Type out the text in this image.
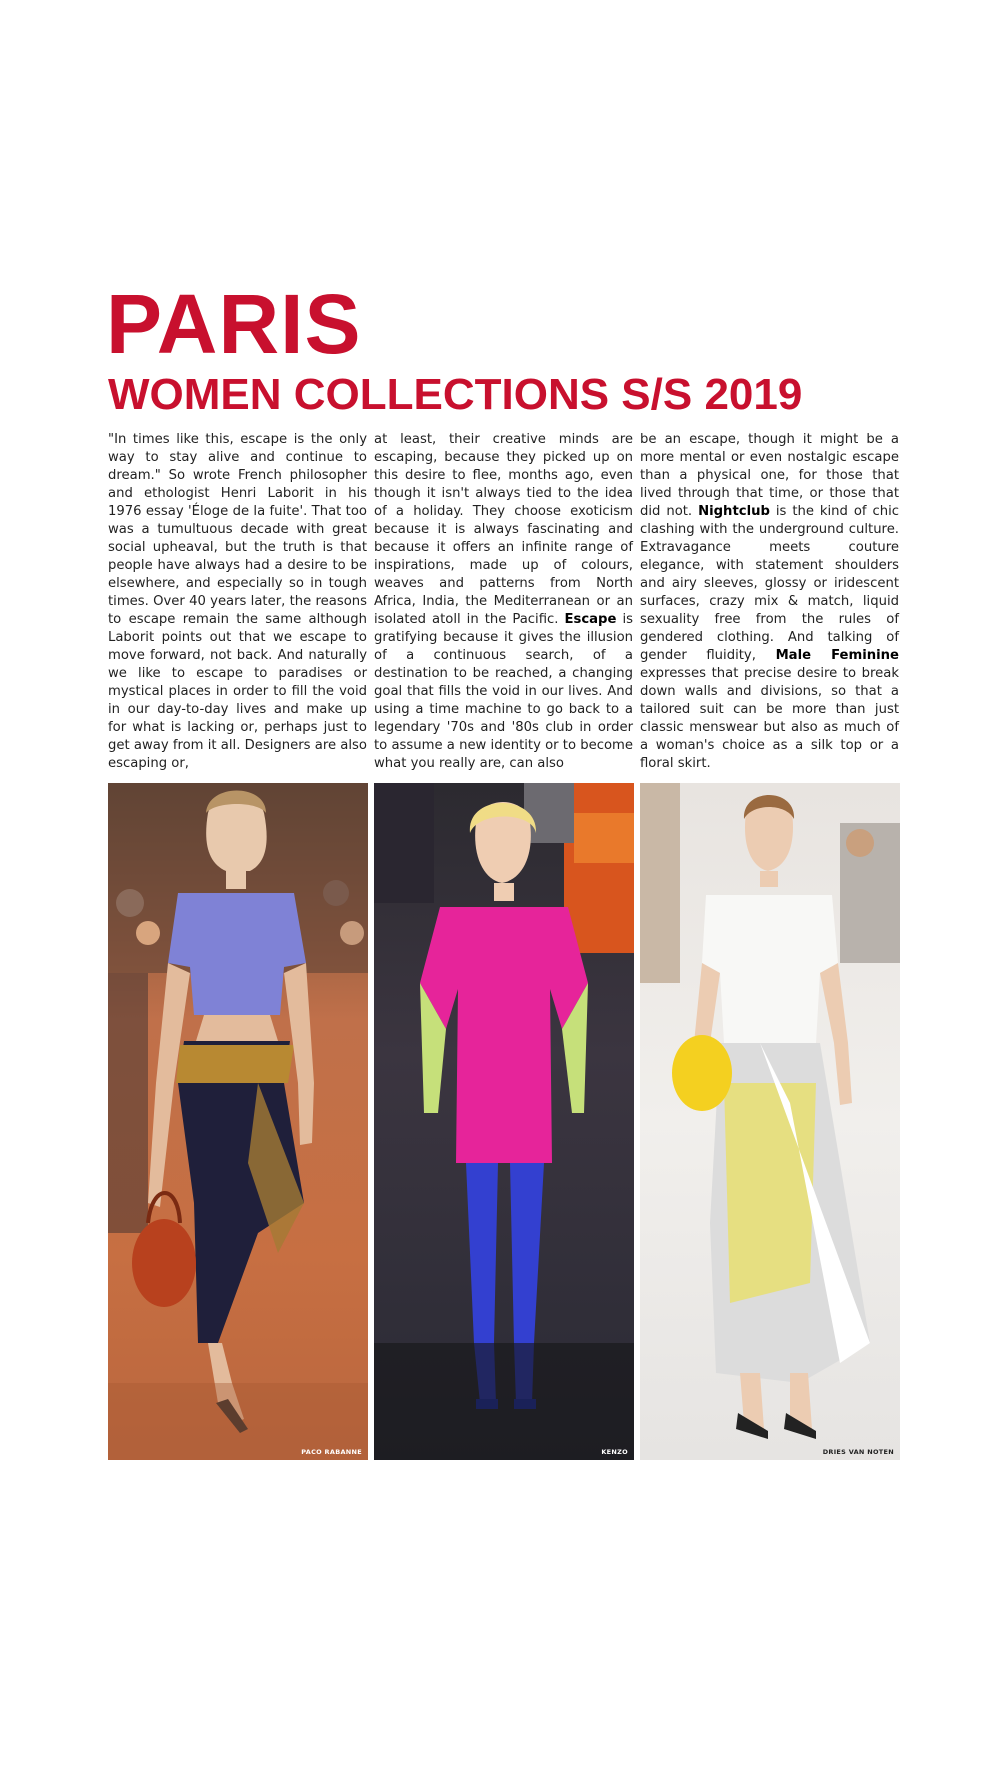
PARIS
WOMEN COLLECTIONS S/S 2019

"In times like this, escape is the only way to stay alive and continue to dream." So wrote French philosopher and ethologist Henri Laborit in his 1976 essay 'Éloge de la fuite'. That too was a tumultuous decade with great social upheaval, but the truth is that people have always had a desire to be elsewhere, and especially so in tough times. Over 40 years later, the reasons to escape remain the same although Laborit points out that we escape to move forward, not back. And naturally we like to escape to paradises or mystical places in order to fill the void in our day-to-day lives and make up for what is lacking or, perhaps just to get away from it all. Designers are also escaping or,

at least, their creative minds are escaping, because they picked up on this desire to flee, months ago, even though it isn't always tied to the idea of a holiday. They choose exoticism because it is always fascinating and because it offers an infinite range of inspirations, made up of colours, weaves and patterns from North Africa, India, the Mediterranean or an isolated atoll in the Pacific. Escape is gratifying because it gives the illusion of a continuous search, of a destination to be reached, a changing goal that fills the void in our lives. And using a time machine to go back to a legendary '70s and '80s club in order to assume a new identity or to become what you really are, can also

be an escape, though it might be a more mental or even nostalgic escape than a physical one, for those that lived through that time, or those that did not. Nightclub is the kind of chic clashing with the underground culture. Extravagance meets couture elegance, with statement shoulders and airy sleeves, glossy or iridescent surfaces, crazy mix & match, liquid sexuality free from the rules of gendered clothing. And talking of gender fluidity, Male Feminine expresses that precise desire to break down walls and divisions, so that a tailored suit can be more than just classic menswear but also as much of a woman's choice as a silk top or a floral skirt.

PACO RABANNE	KENZO	DRIES VAN NOTEN
